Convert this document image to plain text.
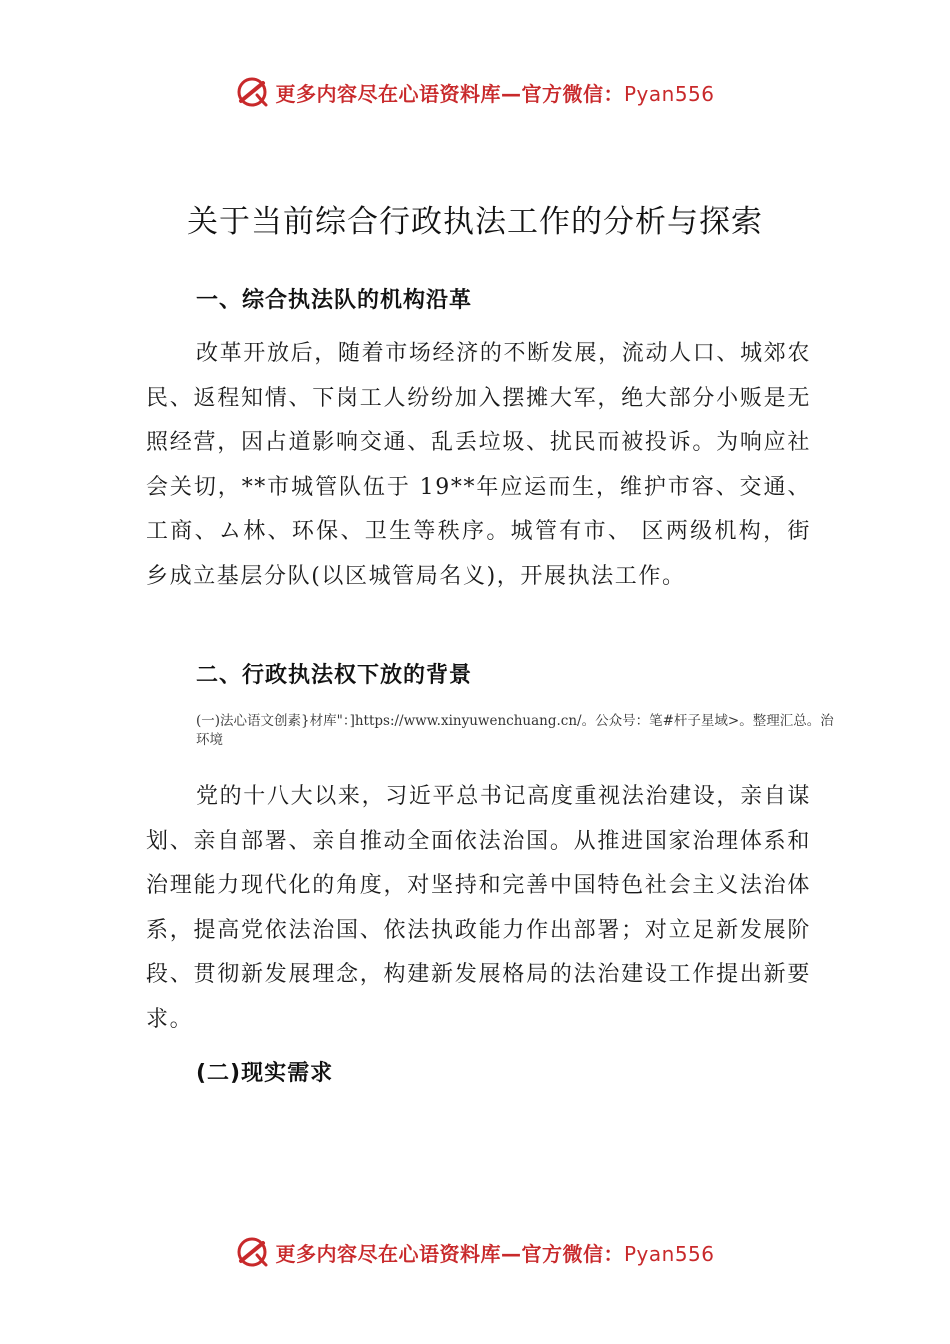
更多内容尽在心语资料库—官方微信：Pyan556
关于当前综合行政执法工作的分析与探索
一、综合执法队的机构沿革

改革开放后，随着市场经济的不断发展，流动人口、城郊农民、返程知情、下岗工人纷纷加入摆摊大军，绝大部分小贩是无照经营，因占道影响交通、乱丢垃圾、扰民而被投诉。为响应社会关切，**市城管队伍于 19**年应运而生，维护市容、交通、工商、ム林、环保、卫生等秩序。城管有市、 区两级机构，街乡成立基层分队(以区城管局名义)，开展执法工作。

二、行政执法权下放的背景

(一)法心语文创素}材库"：]https://www.xinyuwenchuang.cn/。公众号：笔#杆子星域>。整理汇总。治环境

党的十八大以来，习近平总书记高度重视法治建设，亲自谋划、亲自部署、亲自推动全面依法治国。从推进国家治理体系和治理能力现代化的角度，对坚持和完善中国特色社会主义法治体系，提高党依法治国、依法执政能力作出部署；对立足新发展阶段、贯彻新发展理念，构建新发展格局的法治建设工作提出新要求。

(二)现实需求
更多内容尽在心语资料库—官方微信：Pyan556
